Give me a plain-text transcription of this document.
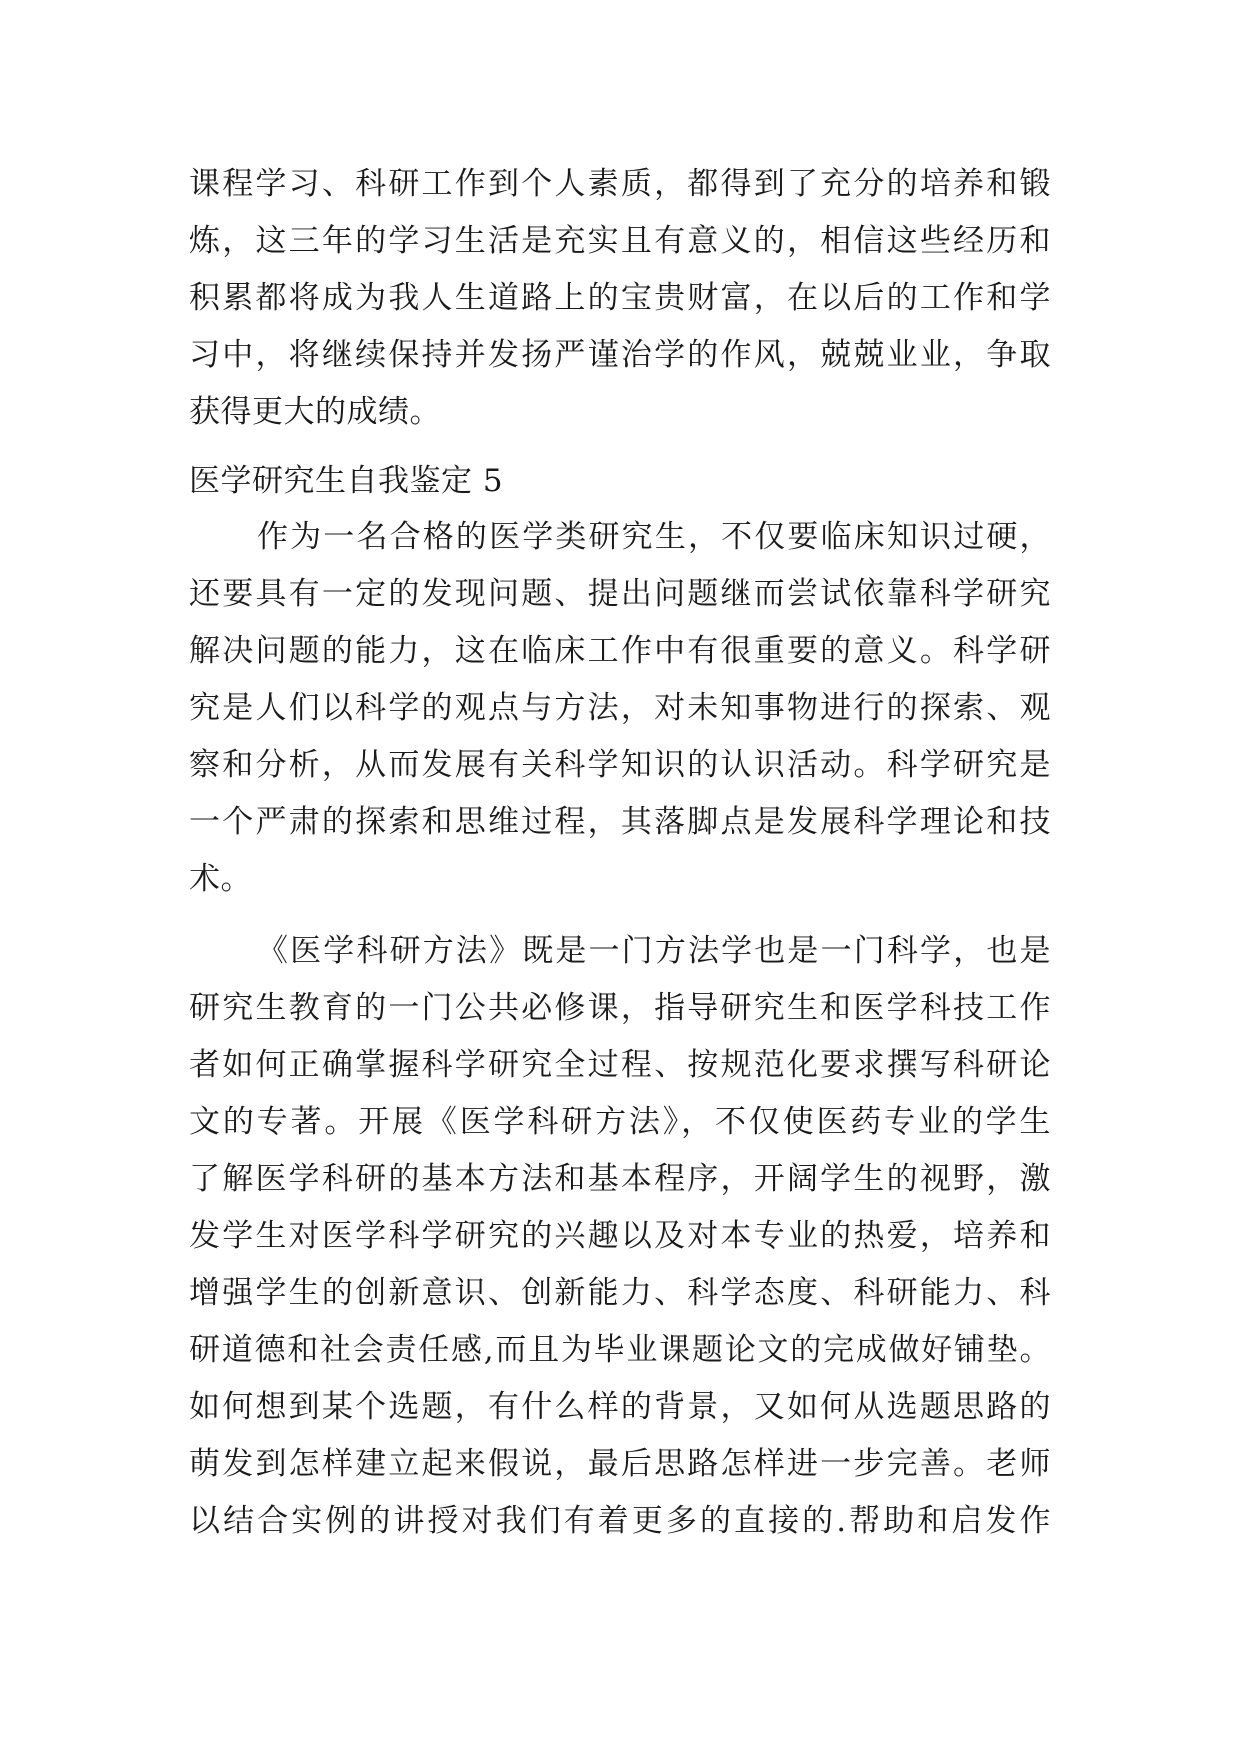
课程学习、科研工作到个人素质，都得到了充分的培养和锻
炼，这三年的学习生活是充实且有意义的，相信这些经历和
积累都将成为我人生道路上的宝贵财富，在以后的工作和学
习中，将继续保持并发扬严谨治学的作风，兢兢业业，争取
获得更大的成绩。
医学研究生自我鉴定 5
作为一名合格的医学类研究生，不仅要临床知识过硬，
还要具有一定的发现问题、提出问题继而尝试依靠科学研究
解决问题的能力，这在临床工作中有很重要的意义。科学研
究是人们以科学的观点与方法，对未知事物进行的探索、观
察和分析，从而发展有关科学知识的认识活动。科学研究是
一个严肃的探索和思维过程，其落脚点是发展科学理论和技
术。
《医学科研方法》既是一门方法学也是一门科学，也是
研究生教育的一门公共必修课，指导研究生和医学科技工作
者如何正确掌握科学研究全过程、按规范化要求撰写科研论
文的专著。开展《医学科研方法》，不仅使医药专业的学生
了解医学科研的基本方法和基本程序，开阔学生的视野，激
发学生对医学科学研究的兴趣以及对本专业的热爱，培养和
增强学生的创新意识、创新能力、科学态度、科研能力、科
研道德和社会责任感,而且为毕业课题论文的完成做好铺垫。
如何想到某个选题，有什么样的背景，又如何从选题思路的
萌发到怎样建立起来假说，最后思路怎样进一步完善。老师
以结合实例的讲授对我们有着更多的直接的.帮助和启发作
